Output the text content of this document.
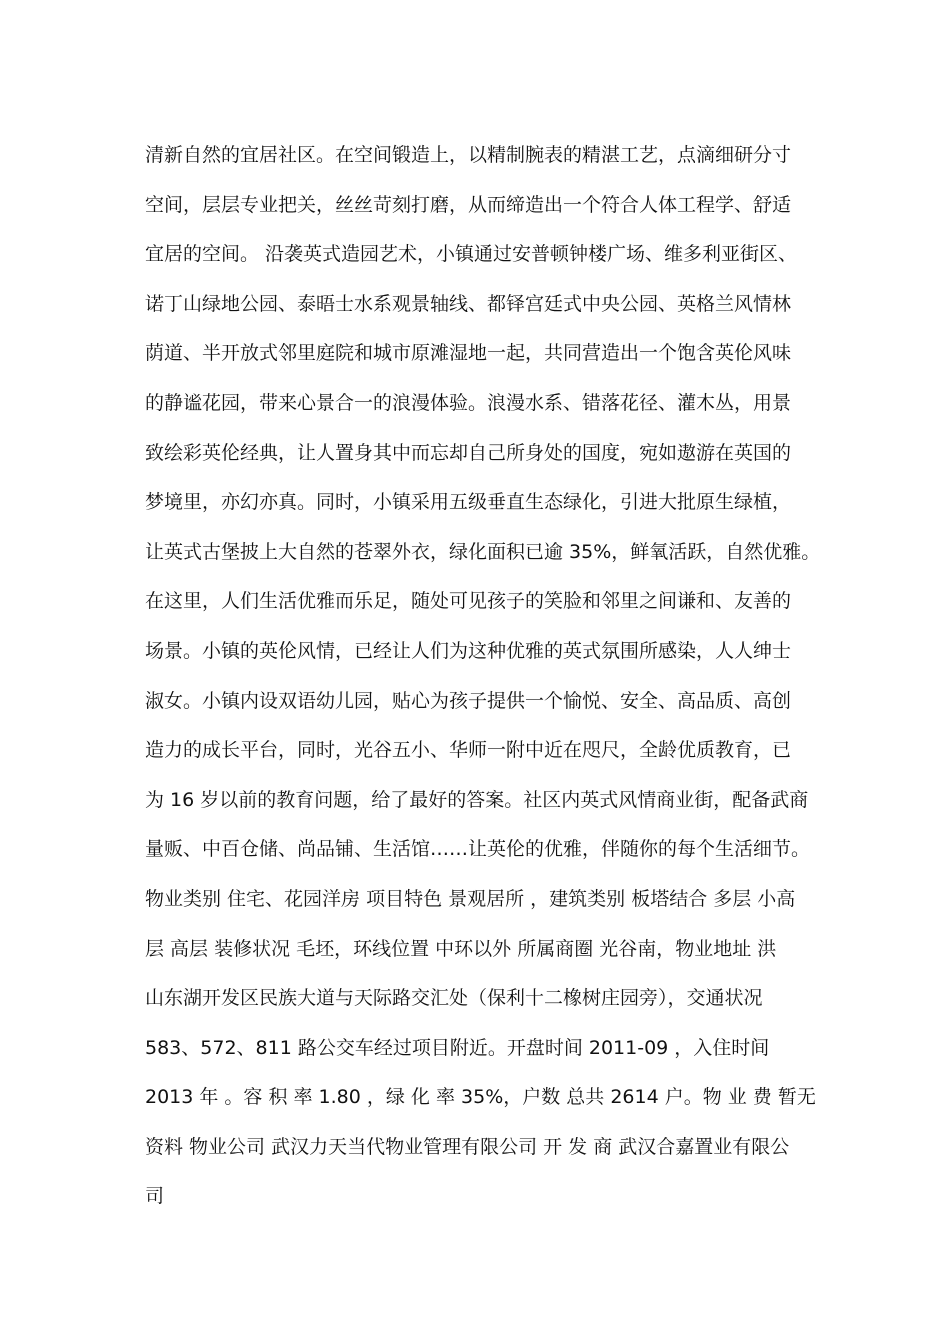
清新自然的宜居社区。在空间锻造上，以精制腕表的精湛工艺，点滴细研分寸
空间，层层专业把关，丝丝苛刻打磨，从而缔造出一个符合人体工程学、舒适
宜居的空间。 沿袭英式造园艺术，小镇通过安普顿钟楼广场、维多利亚街区、
诺丁山绿地公园、泰晤士水系观景轴线、都铎宫廷式中央公园、英格兰风情林
荫道、半开放式邻里庭院和城市原滩湿地一起，共同营造出一个饱含英伦风味
的静谧花园，带来心景合一的浪漫体验。浪漫水系、错落花径、灌木丛，用景
致绘彩英伦经典，让人置身其中而忘却自己所身处的国度，宛如遨游在英国的
梦境里，亦幻亦真。同时，小镇采用五级垂直生态绿化，引进大批原生绿植，
让英式古堡披上大自然的苍翠外衣，绿化面积已逾 35%，鲜氧活跃，自然优雅。
在这里，人们生活优雅而乐足，随处可见孩子的笑脸和邻里之间谦和、友善的
场景。小镇的英伦风情，已经让人们为这种优雅的英式氛围所感染，人人绅士
淑女。小镇内设双语幼儿园，贴心为孩子提供一个愉悦、安全、高品质、高创
造力的成长平台，同时，光谷五小、华师一附中近在咫尺，全龄优质教育，已
为 16 岁以前的教育问题，给了最好的答案。社区内英式风情商业街，配备武商
量贩、中百仓储、尚品铺、生活馆……让英伦的优雅，伴随你的每个生活细节。
物业类别 住宅、花园洋房 项目特色 景观居所 ，建筑类别 板塔结合 多层 小高
层 高层 装修状况 毛坯，环线位置 中环以外 所属商圈 光谷南，物业地址 洪
山东湖开发区民族大道与天际路交汇处（保利十二橡树庄园旁），交通状况
583、572、811 路公交车经过项目附近。开盘时间 2011-09 ，入住时间
2013 年 。容 积 率 1.80 ，绿 化 率 35%，户数 总共 2614 户。物 业 费 暂无
资料 物业公司 武汉力天当代物业管理有限公司 开 发 商 武汉合嘉置业有限公
司
